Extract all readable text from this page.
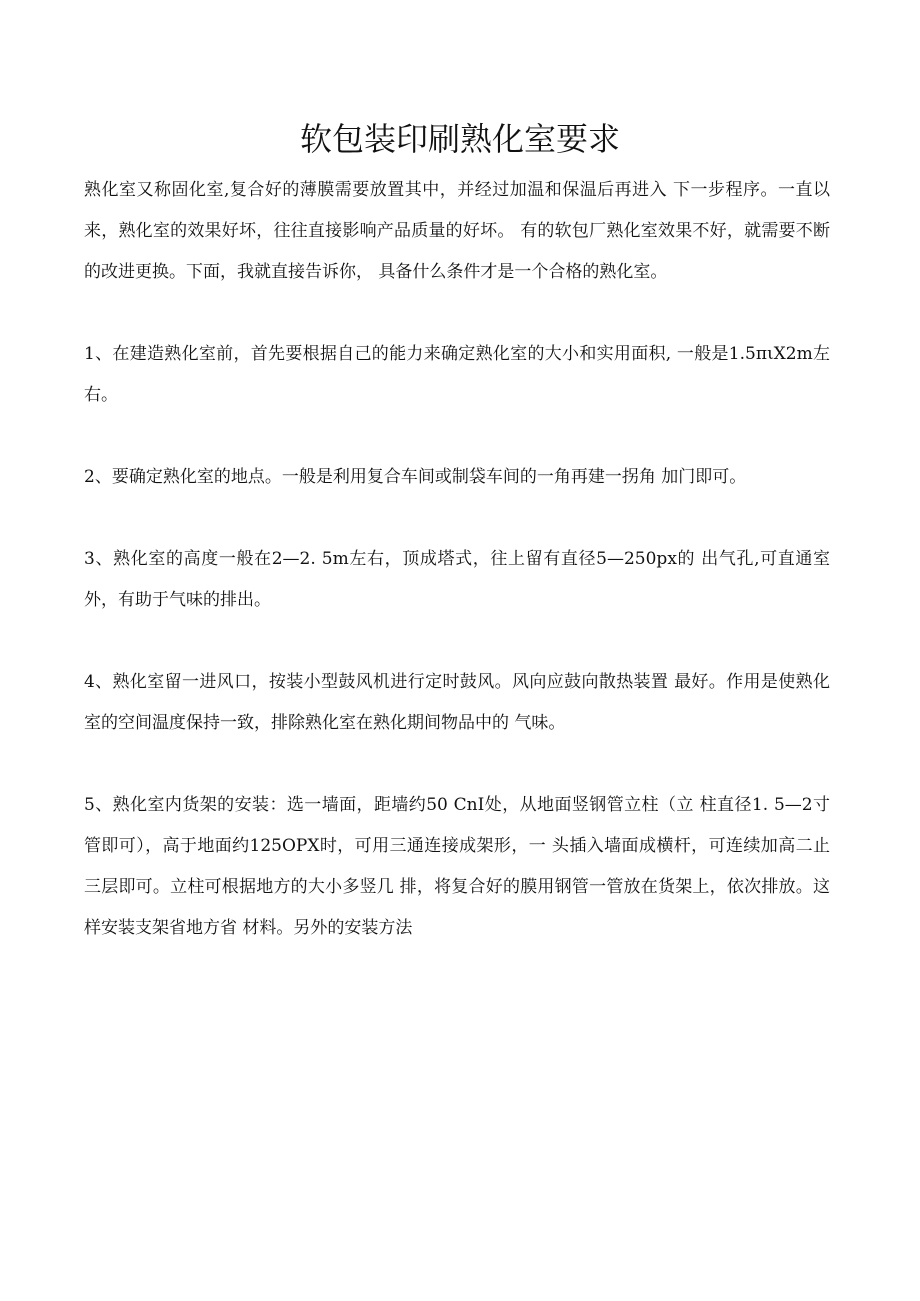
软包装印刷熟化室要求

熟化室又称固化室,复合好的薄膜需要放置其中，并经过加温和保温后再进入 下一步程序。一直以来，熟化室的效果好坏，往往直接影响产品质量的好坏。 有的软包厂熟化室效果不好，就需要不断的改进更换。下面，我就直接告诉你， 具备什么条件才是一个合格的熟化室。

1、在建造熟化室前，首先要根据自己的能力来确定熟化室的大小和实用面积, 一般是1.5πιX2m左右。

2、要确定熟化室的地点。一般是利用复合车间或制袋车间的一角再建一拐角 加门即可。

3、熟化室的高度一般在2—2. 5m左右，顶成塔式，往上留有直径5—250px的 出气孔,可直通室外，有助于气味的排出。

4、熟化室留一进风口，按装小型鼓风机进行定时鼓风。风向应鼓向散热装置 最好。作用是使熟化室的空间温度保持一致，排除熟化室在熟化期间物品中的 气味。

5、熟化室内货架的安装：选一墙面，距墙约50 CnI处，从地面竖钢管立柱（立 柱直径1. 5—2寸管即可），高于地面约125OPX时，可用三通连接成架形，一 头插入墙面成横杆，可连续加高二止三层即可。立柱可根据地方的大小多竖几 排，将复合好的膜用钢管一管放在货架上，依次排放。这样安装支架省地方省 材料。另外的安装方法
